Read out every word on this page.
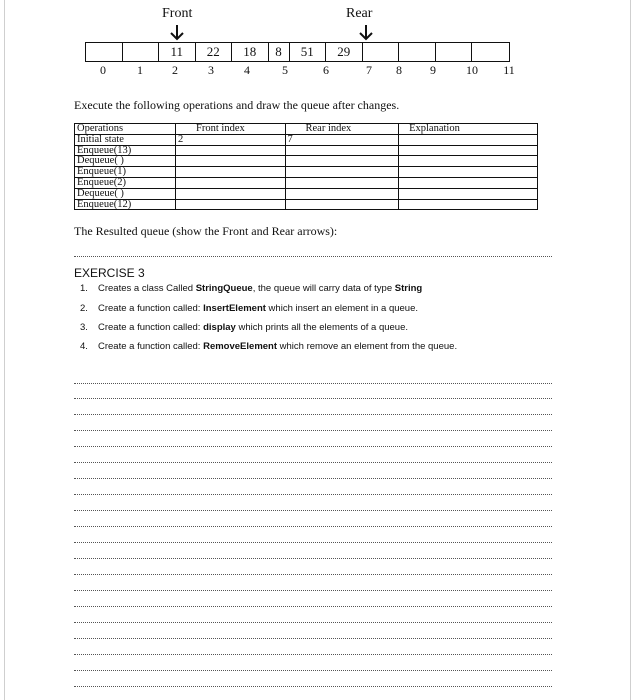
Front	Rear
11	22	18	8	51	29
0	1	2	3	4	5	6	7	8	9	10	11
Execute the following operations and draw the queue after changes.
Operations	Front index	Rear index	Explanation
Initial state	2	7	
Enqueue(13)			
Dequeue( )			
Enqueue(1)			
Enqueue(2)			
Dequeue( )			
Enqueue(12)			
The Resulted queue (show the Front and Rear arrows):
EXERCISE 3
1. Creates a class Called StringQueue, the queue will carry data of type String
2. Create a function called: InsertElement which insert an element in a queue.
3. Create a function called: display which prints all the elements of a queue.
4. Create a function called: RemoveElement which remove an element from the queue.
